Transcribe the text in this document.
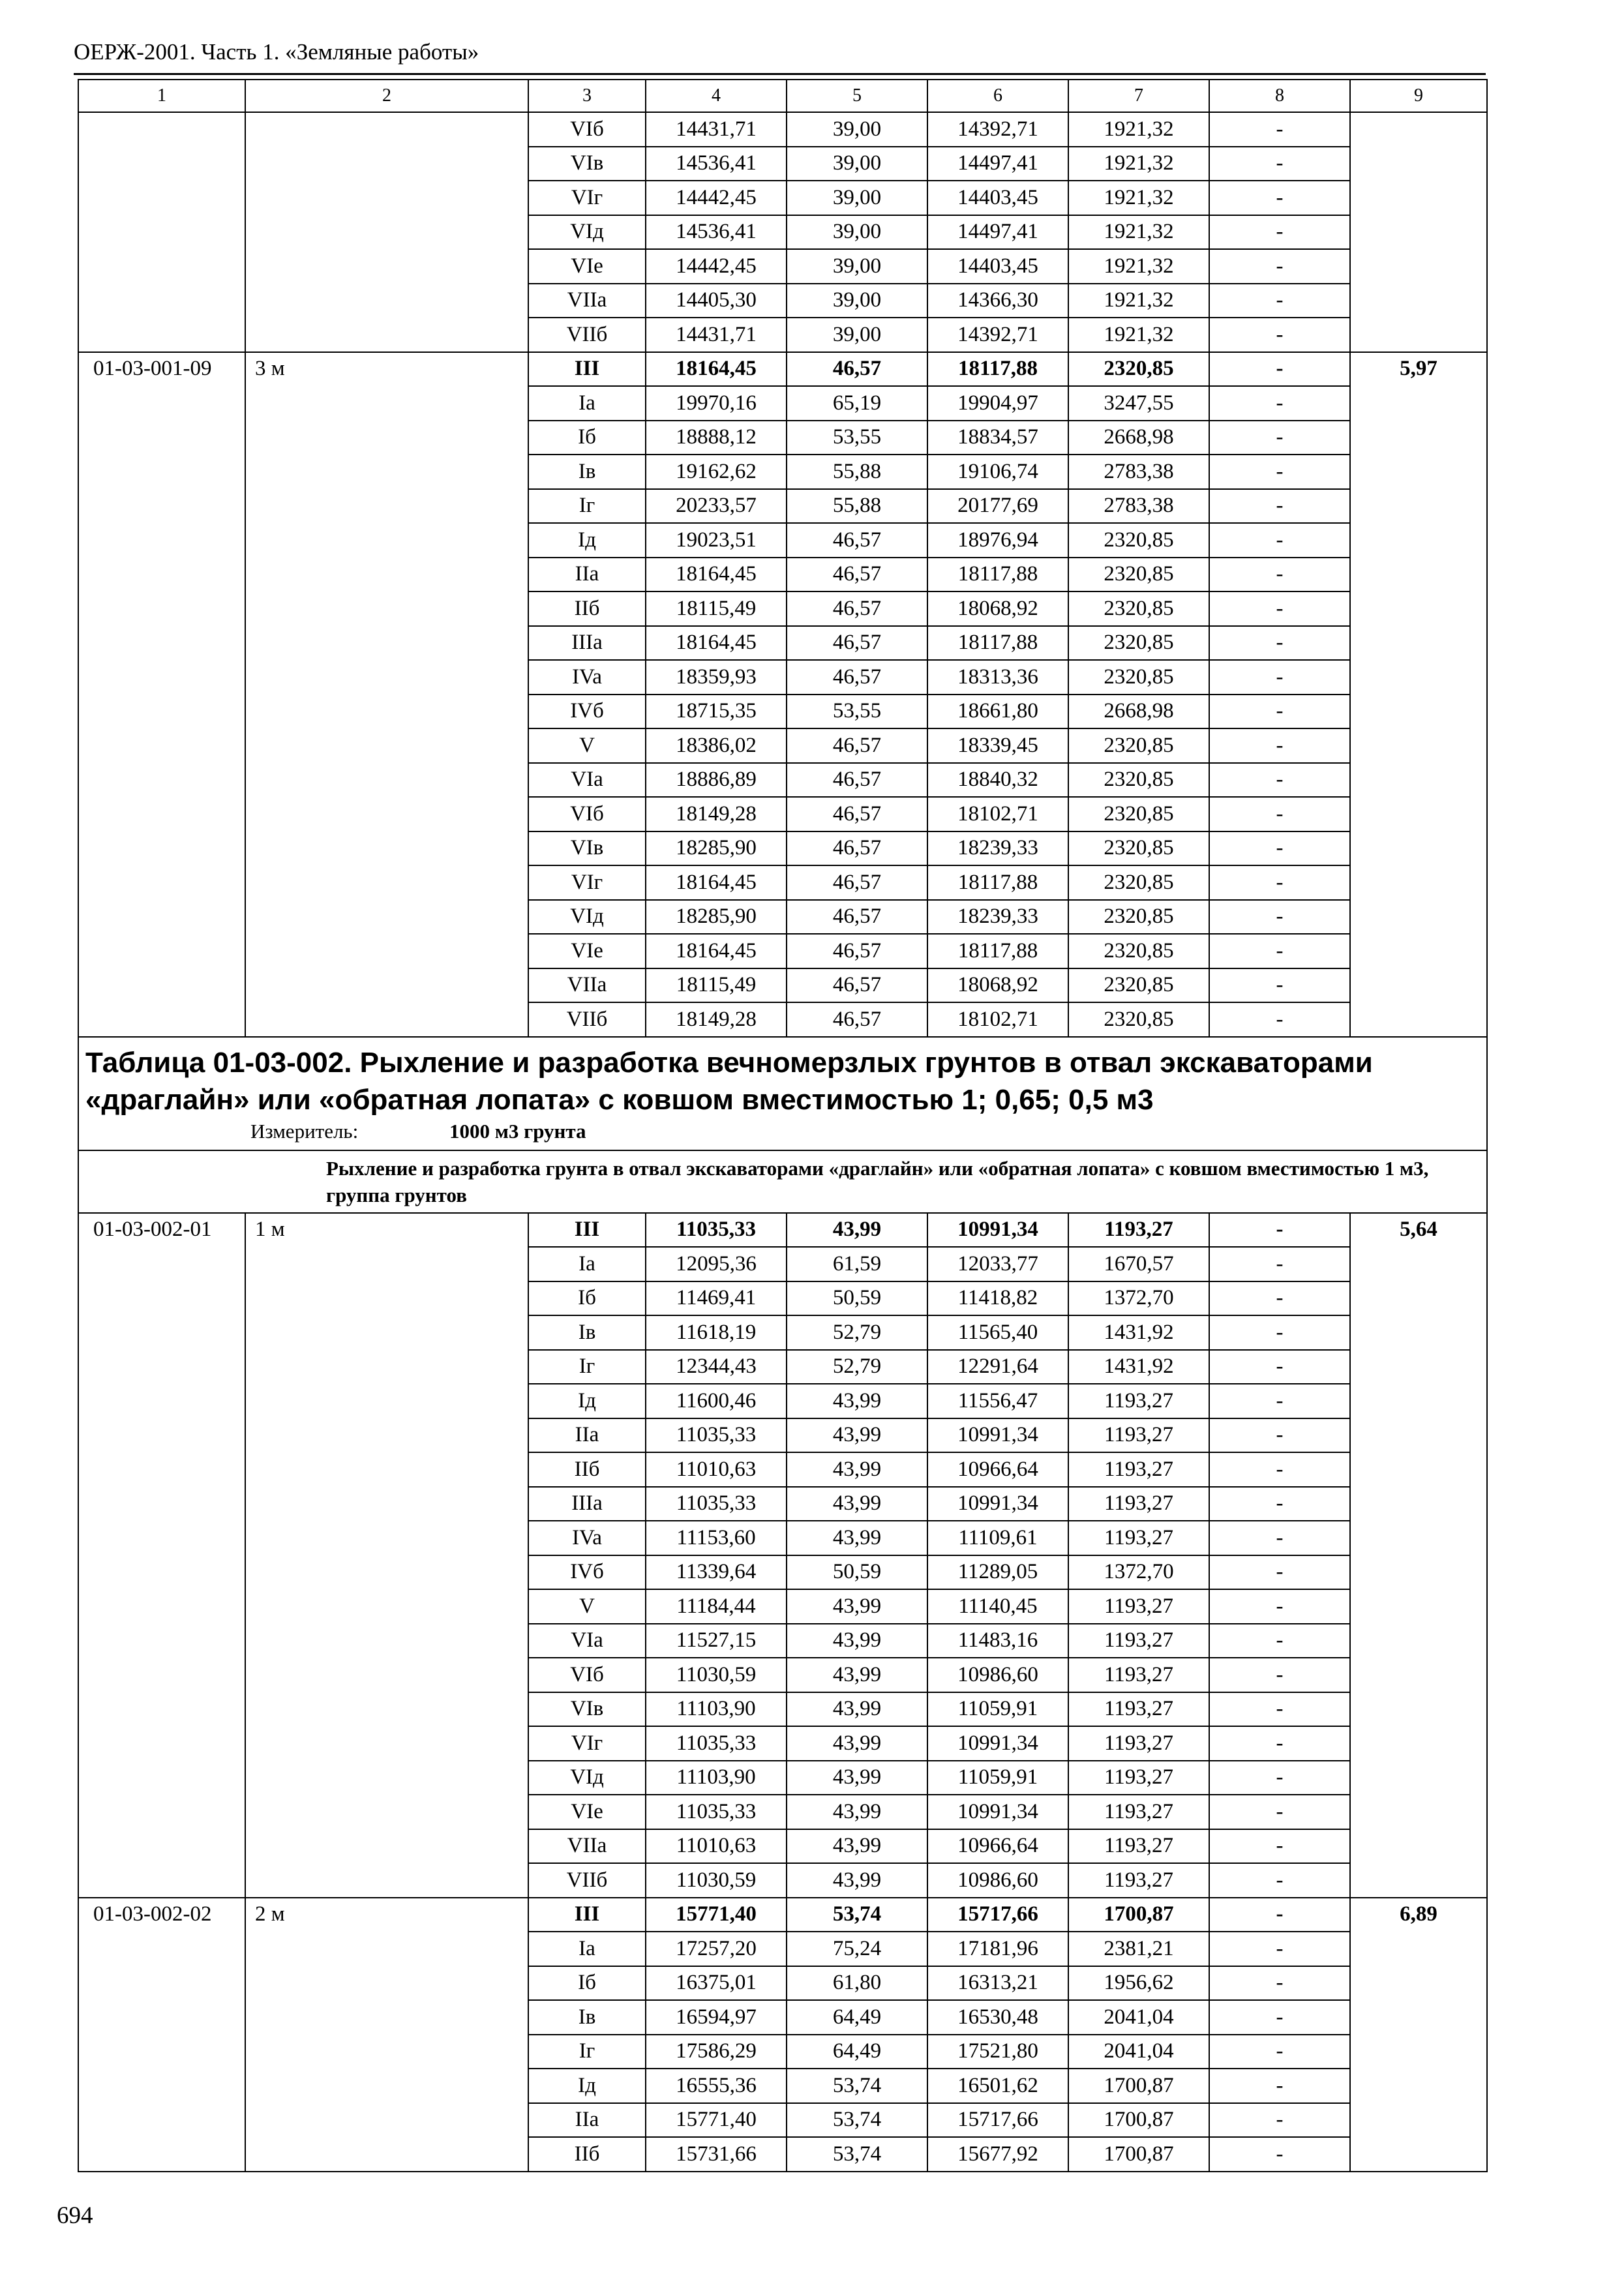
ОЕРЖ-2001. Часть 1. «Земляные работы»
1	2	3	4	5	6	7	8	9
		VIб	14431,71	39,00	14392,71	1921,32	-	
		VIв	14536,41	39,00	14497,41	1921,32	-	
		VIг	14442,45	39,00	14403,45	1921,32	-	
		VIд	14536,41	39,00	14497,41	1921,32	-	
		VIe	14442,45	39,00	14403,45	1921,32	-	
		VIIa	14405,30	39,00	14366,30	1921,32	-	
		VIIб	14431,71	39,00	14392,71	1921,32	-	
01-03-001-09	3 м	III	18164,45	46,57	18117,88	2320,85	-	5,97
		Ia	19970,16	65,19	19904,97	3247,55	-	
		Iб	18888,12	53,55	18834,57	2668,98	-	
		Iв	19162,62	55,88	19106,74	2783,38	-	
		Iг	20233,57	55,88	20177,69	2783,38	-	
		Iд	19023,51	46,57	18976,94	2320,85	-	
		IIa	18164,45	46,57	18117,88	2320,85	-	
		IIб	18115,49	46,57	18068,92	2320,85	-	
		IIIa	18164,45	46,57	18117,88	2320,85	-	
		IVa	18359,93	46,57	18313,36	2320,85	-	
		IVб	18715,35	53,55	18661,80	2668,98	-	
		V	18386,02	46,57	18339,45	2320,85	-	
		VIa	18886,89	46,57	18840,32	2320,85	-	
		VIб	18149,28	46,57	18102,71	2320,85	-	
		VIв	18285,90	46,57	18239,33	2320,85	-	
		VIг	18164,45	46,57	18117,88	2320,85	-	
		VIд	18285,90	46,57	18239,33	2320,85	-	
		VIe	18164,45	46,57	18117,88	2320,85	-	
		VIIa	18115,49	46,57	18068,92	2320,85	-	
		VIIб	18149,28	46,57	18102,71	2320,85	-	

Таблица 01-03-002. Рыхление и разработка вечномерзлых грунтов в отвал экскаваторами «драглайн» или «обратная лопата» с ковшом вместимостью 1; 0,65; 0,5 м3
Измеритель: 1000 м3 грунта								

Рыхление и разработка грунта в отвал экскаваторами «драглайн» или «обратная лопата» с ковшом вместимостью 1 м3, группа грунтов								
01-03-002-01	1 м	III	11035,33	43,99	10991,34	1193,27	-	5,64
		Ia	12095,36	61,59	12033,77	1670,57	-	
		Iб	11469,41	50,59	11418,82	1372,70	-	
		Iв	11618,19	52,79	11565,40	1431,92	-	
		Iг	12344,43	52,79	12291,64	1431,92	-	
		Iд	11600,46	43,99	11556,47	1193,27	-	
		IIa	11035,33	43,99	10991,34	1193,27	-	
		IIб	11010,63	43,99	10966,64	1193,27	-	
		IIIa	11035,33	43,99	10991,34	1193,27	-	
		IVa	11153,60	43,99	11109,61	1193,27	-	
		IVб	11339,64	50,59	11289,05	1372,70	-	
		V	11184,44	43,99	11140,45	1193,27	-	
		VIa	11527,15	43,99	11483,16	1193,27	-	
		VIб	11030,59	43,99	10986,60	1193,27	-	
		VIв	11103,90	43,99	11059,91	1193,27	-	
		VIг	11035,33	43,99	10991,34	1193,27	-	
		VIд	11103,90	43,99	11059,91	1193,27	-	
		VIe	11035,33	43,99	10991,34	1193,27	-	
		VIIa	11010,63	43,99	10966,64	1193,27	-	
		VIIб	11030,59	43,99	10986,60	1193,27	-	
01-03-002-02	2 м	III	15771,40	53,74	15717,66	1700,87	-	6,89
		Ia	17257,20	75,24	17181,96	2381,21	-	
		Iб	16375,01	61,80	16313,21	1956,62	-	
		Iв	16594,97	64,49	16530,48	2041,04	-	
		Iг	17586,29	64,49	17521,80	2041,04	-	
		Iд	16555,36	53,74	16501,62	1700,87	-	
		IIa	15771,40	53,74	15717,66	1700,87	-	
		IIб	15731,66	53,74	15677,92	1700,87	-	
694
